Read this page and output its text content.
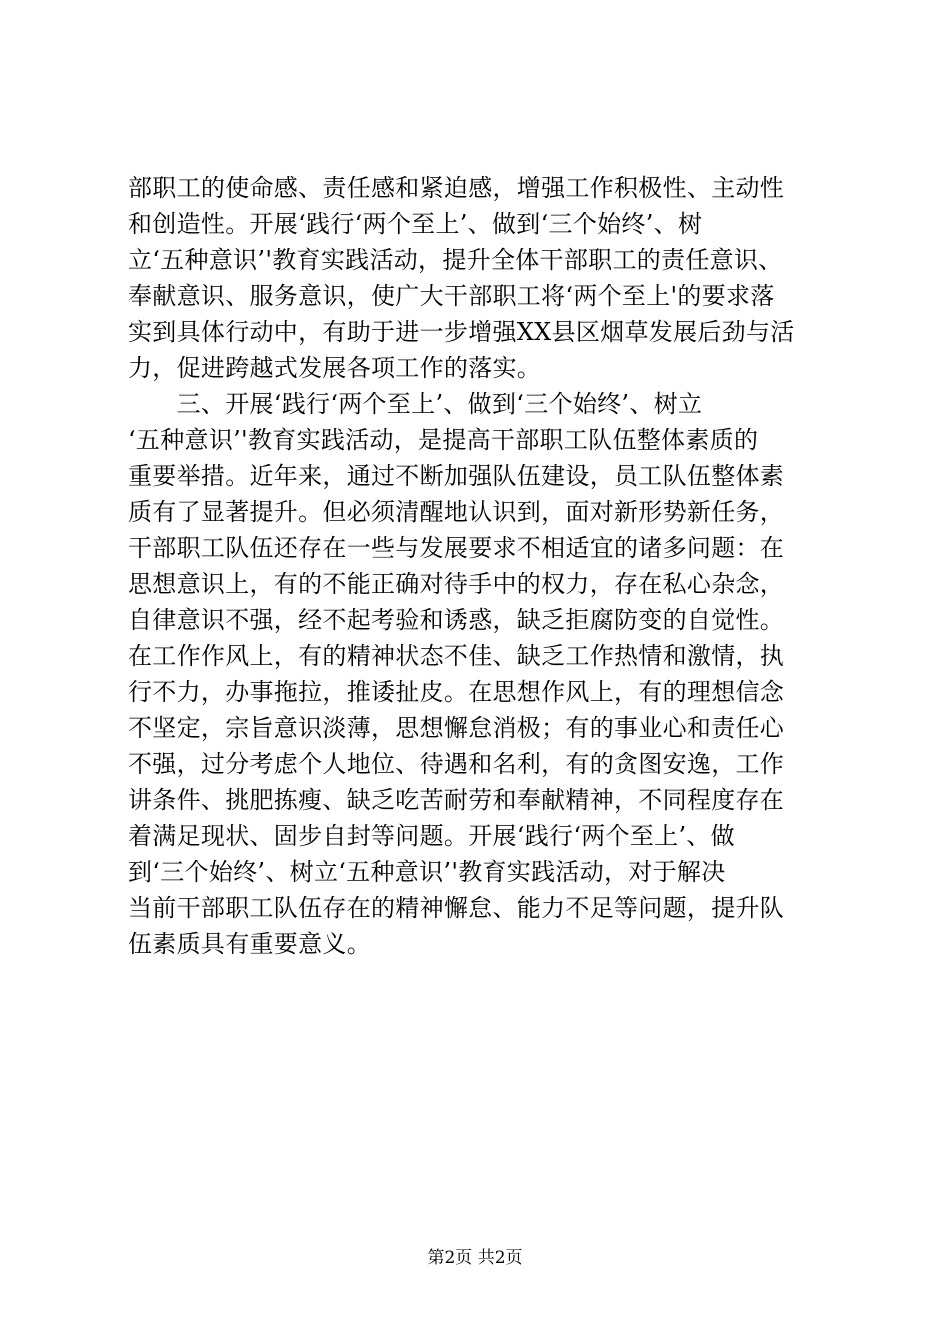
部职工的使命感、责任感和紧迫感，增强工作积极性、主动性
和创造性。开展‘践行‘两个至上’、做到‘三个始终’、树
立‘五种意识’'教育实践活动，提升全体干部职工的责任意识、
奉献意识、服务意识，使广大干部职工将‘两个至上'的要求落
实到具体行动中，有助于进一步增强XX县区烟草发展后劲与活
力，促进跨越式发展各项工作的落实。
　　三、开展‘践行‘两个至上’、做到‘三个始终’、树立
‘五种意识’'教育实践活动，是提高干部职工队伍整体素质的
重要举措。近年来，通过不断加强队伍建设，员工队伍整体素
质有了显著提升。但必须清醒地认识到，面对新形势新任务，
干部职工队伍还存在一些与发展要求不相适宜的诸多问题：在
思想意识上，有的不能正确对待手中的权力，存在私心杂念，
自律意识不强，经不起考验和诱惑，缺乏拒腐防变的自觉性。
在工作作风上，有的精神状态不佳、缺乏工作热情和激情，执
行不力，办事拖拉，推诿扯皮。在思想作风上，有的理想信念
不坚定，宗旨意识淡薄，思想懈怠消极；有的事业心和责任心
不强，过分考虑个人地位、待遇和名利，有的贪图安逸，工作
讲条件、挑肥拣瘦、缺乏吃苦耐劳和奉献精神，不同程度存在
着满足现状、固步自封等问题。开展‘践行‘两个至上’、做
到‘三个始终’、树立‘五种意识’'教育实践活动，对于解决
当前干部职工队伍存在的精神懈怠、能力不足等问题，提升队
伍素质具有重要意义。
第2页 共2页
